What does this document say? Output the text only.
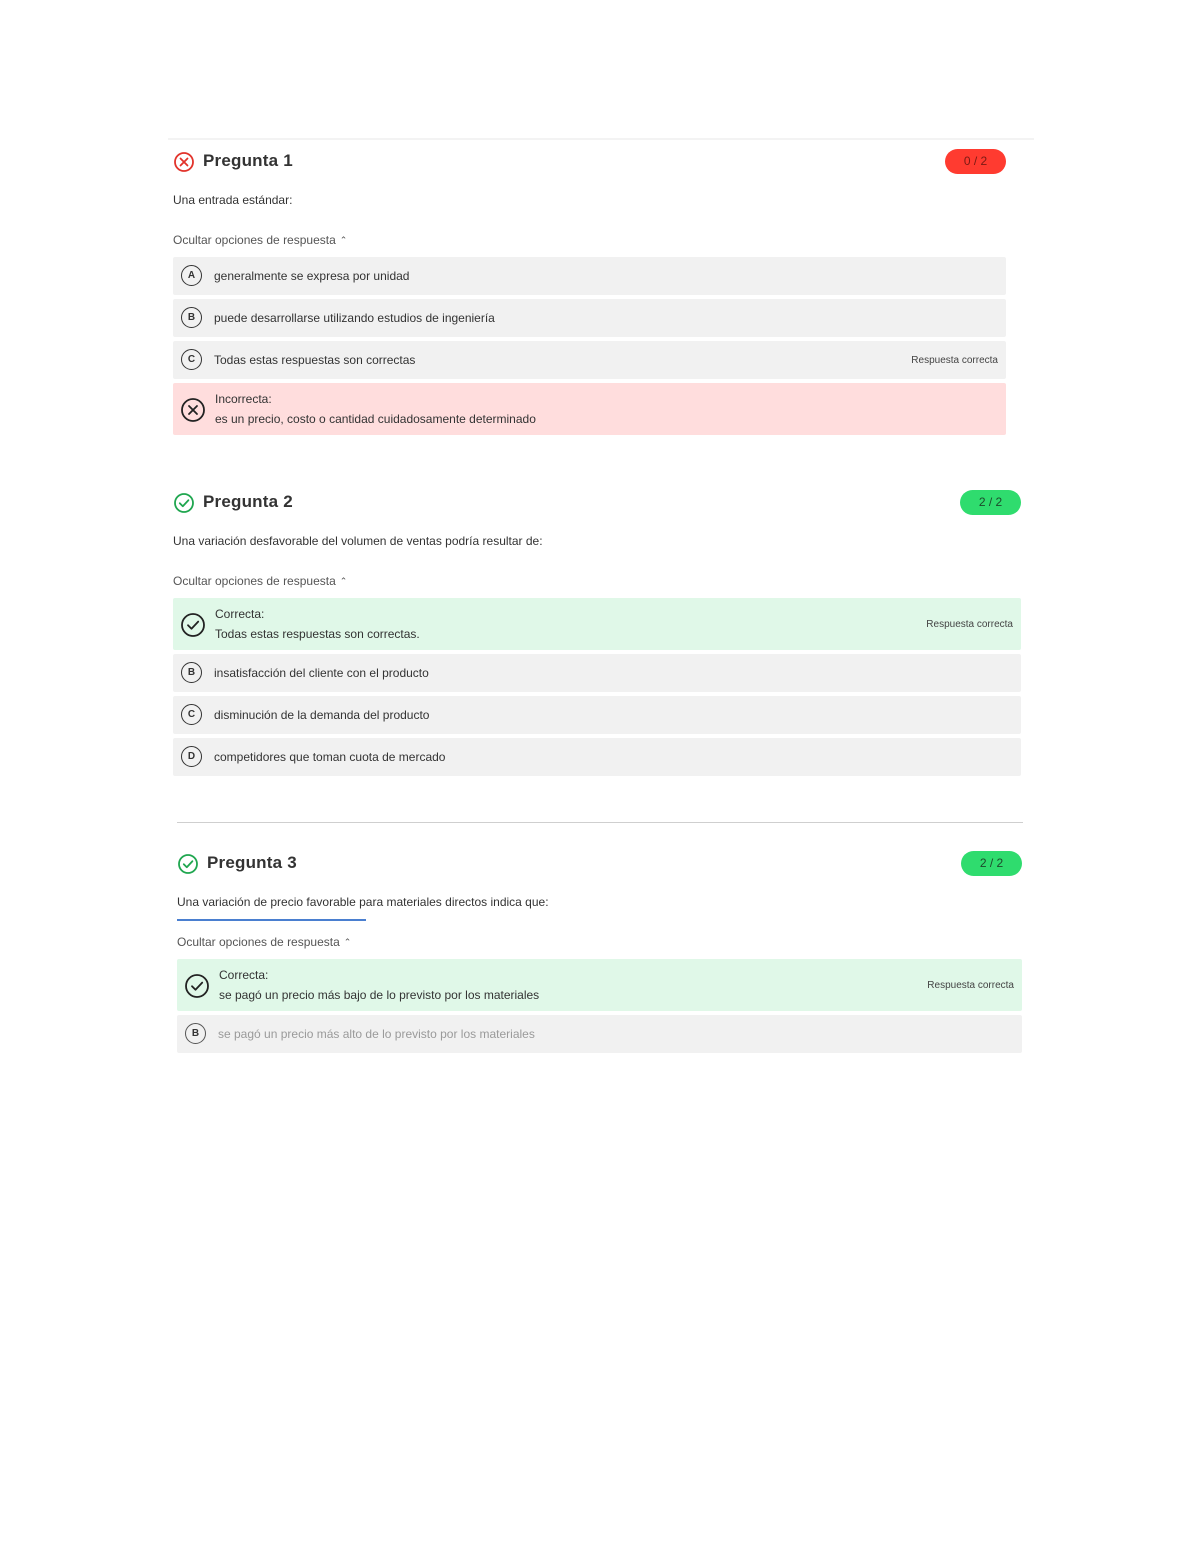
Pregunta 1	0 / 2
Una entrada estándar:
Ocultar opciones de respuesta ⌃
A	generalmente se expresa por unidad
B	puede desarrollarse utilizando estudios de ingeniería
C	Todas estas respuestas son correctas	Respuesta correcta
Incorrecta:
es un precio, costo o cantidad cuidadosamente determinado
Pregunta 2	2 / 2
Una variación desfavorable del volumen de ventas podría resultar de:
Ocultar opciones de respuesta ⌃
Correcta:
Todas estas respuestas son correctas.
Respuesta correcta
B	insatisfacción del cliente con el producto
C	disminución de la demanda del producto
D	competidores que toman cuota de mercado
Pregunta 3	2 / 2
Una variación de precio favorable para materiales directos indica que:
Ocultar opciones de respuesta ⌃
Correcta:
se pagó un precio más bajo de lo previsto por los materiales
Respuesta correcta
B	se pagó un precio más alto de lo previsto por los materiales
